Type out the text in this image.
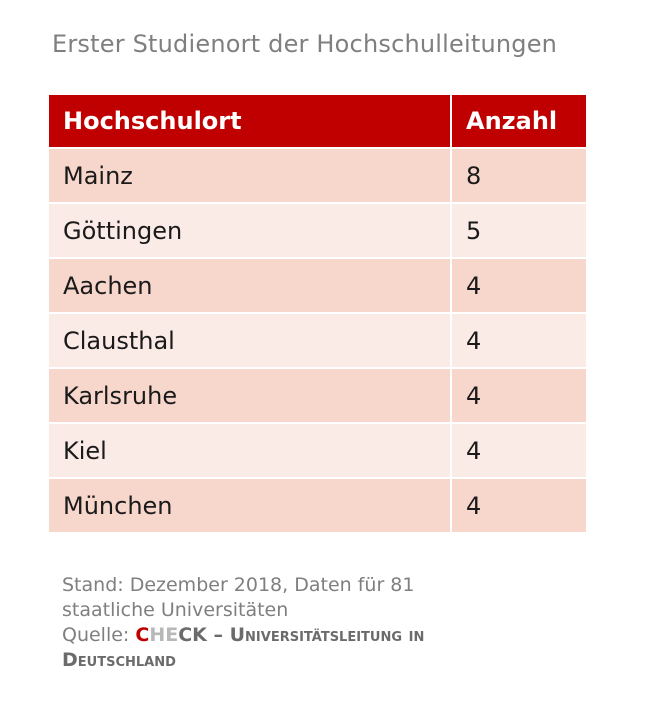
Erster Studienort der Hochschulleitungen
Hochschulort	Anzahl
Mainz	8
Göttingen	5
Aachen	4
Clausthal	4
Karlsruhe	4
Kiel	4
München	4
Stand: Dezember 2018, Daten für 81
staatliche Universitäten
Quelle: CHECK – Universitätsleitung in
Deutschland
